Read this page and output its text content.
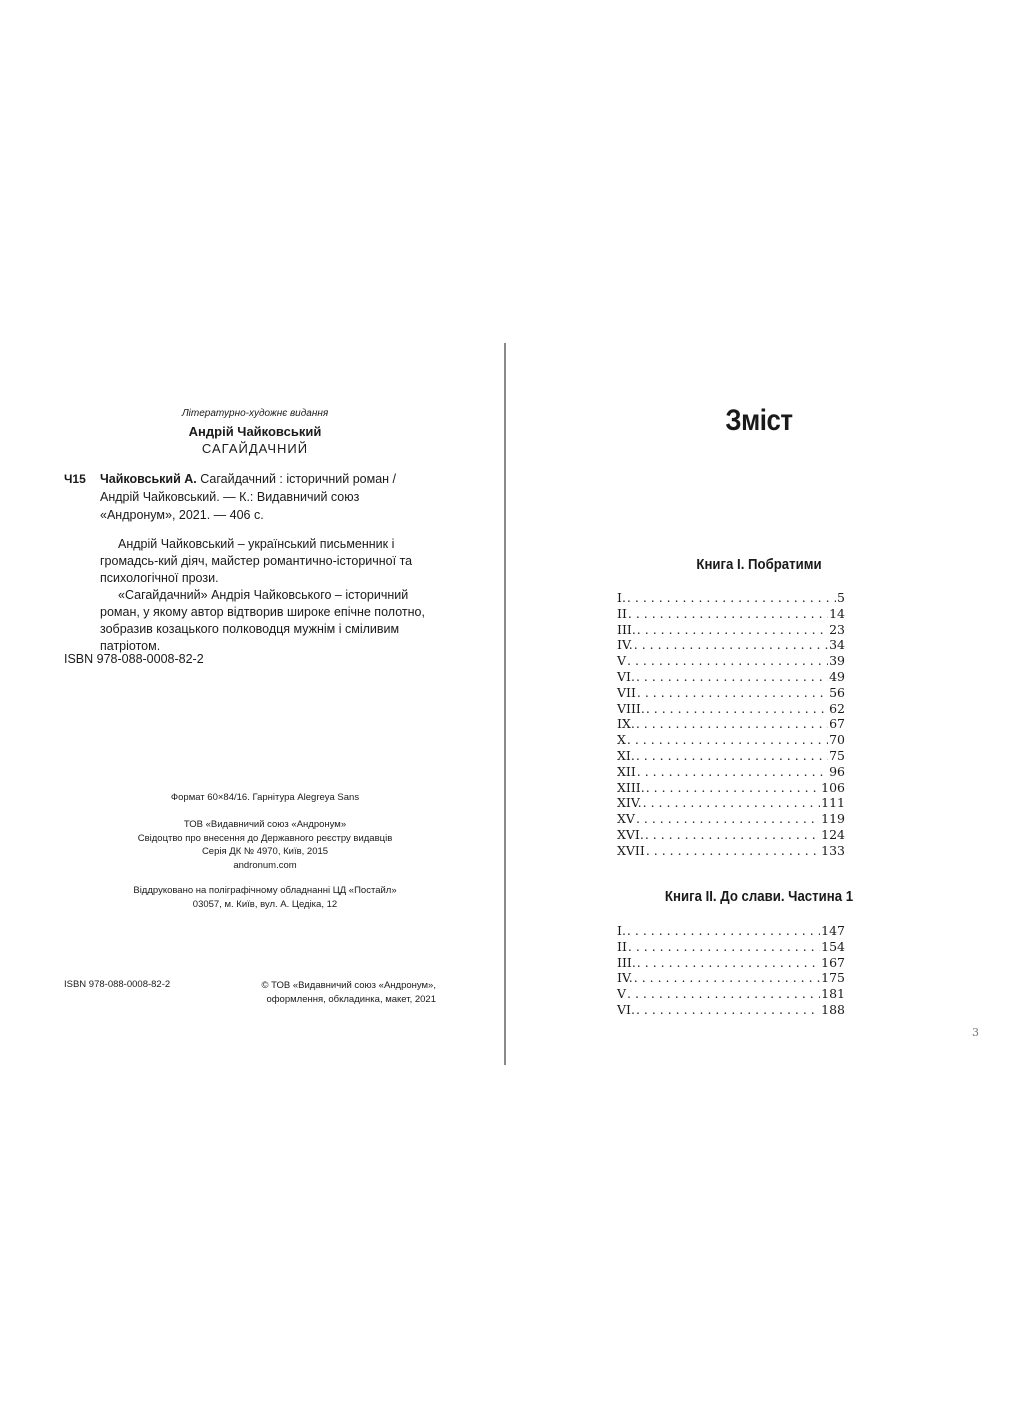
Літературно-художнє видання
Андрій Чайковський
САГАЙДАЧНИЙ
Ч15 Чайковський А. Сагайдачний : історичний роман / Андрій Чайковський. — К.: Видавничий союз «Андронум», 2021. — 406 с.

Андрій Чайковський – український письменник і громадсь-кий діяч, майстер романтично-історичної та психологічної прози.

«Сагайдачний» Андрія Чайковського – історичний роман, у якому автор відтворив широке епічне полотно, зобразив козацького полководця мужнім і сміливим патріотом.

ISBN 978-088-0008-82-2
Формат 60×84/16. Гарнітура Alegreya Sans
ТОВ «Видавничий союз «Андронум»
Свідоцтво про внесення до Державного реєстру видавців
Серія ДК № 4970, Київ, 2015
andronum.com
Віддруковано на поліграфічному обладнанні ЦД «Постайл»
03057, м. Київ, вул. А. Цедіка, 12
ISBN 978-088-0008-82-2	© ТОВ «Видавничий союз «Андронум»,
оформлення, обкладинка, макет, 2021
Зміст
Книга I. Побратими
I. . . .	5
II . . .	14
III. . . .	23
IV. . . .	34
V . . .	39
VI. . . .	49
VII . . .	56
VIII. . . .	62
IX. . . .	67
X . . .	70
XI. . . .	75
XII . . .	96
XIII. . . .	106
XIV. . . .	111
XV . . .	119
XVI. . . .	124
XVII . . .	133
Книга II. До слави. Частина 1
I. . . .	147
II . . .	154
III. . . .	167
IV. . . .	175
V . . .	181
VI. . . .	188
3
